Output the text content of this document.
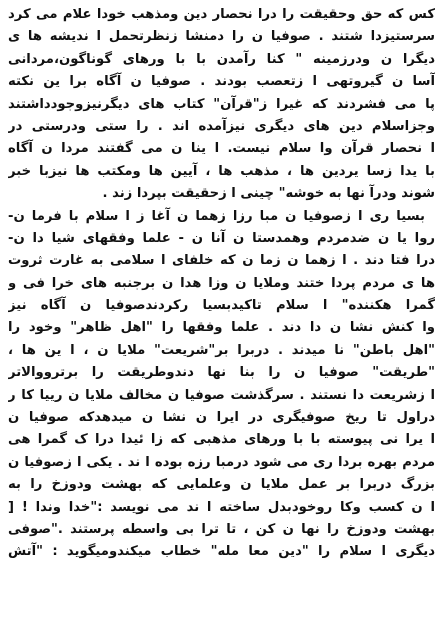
کس که حق وحقیقت را درا نحصار دین ومذهب خودا علام می کرد
سرستیزدا شتند . صوفیا ن را دمنشا زنظرتحمل ا ندیشه ها ی
دیگرا ن ودرزمینه " کنا رآمدن با با ورهای گوناگون،مردانی
آسا ن گیروتهی ا زتعصب بودند . صوفیا ن آگاه برا ین نکته
پا می فشردند که غیرا ز"قرآن" کتاب های دیگرنیزوجودداشتند
وجزاسلام دین های دیگری نیزآمده اند . را ستی ودرستی در
ا نحصار قرآن وا سلام نیست. ا ینا ن می گفتند مردا ن آگاه
با یدا زسا یردین ها ، مذهب ها ، آیین ها ومکتب ها نیزبا خبر
شوند ودرآ نها به خوشه" چینی ا زحقیقت بپردا زند .
بسیا ری ا زصوفیا ن مبا رزا زهما ن آغا ز ا سلام با فرما ن-
روا یا ن ضدمردم وهمدستا ن آنا ن - علما وفقهای شیا دا ن-
درا فتا دند . ا زهما ن زما ن که خلفای ا سلامی به غارت ثروت
ها ی مردم پردا ختند وملایا ن وزا هدا ن برجنبه های خرا فی و
گمرا هکننده" ا سلام تاکیدبسیا رکردندصوفیا ن آگاه نیز
وا کنش نشا ن دا دند . علما وفقها را "اهل ظاهر" وخود را
"اهل باطن" نا میدند . دربرا بر"شریعت" ملایا ن ، ا ین ها ،
"طریقت" صوفیا ن را بنا نها دندوطریقت را برترووالاتر
ا زشریعت دا نستند . سرگذشت صوفیا ن مخالف ملایا ن رییا کا ر
دراول تا ریخ صوفیگری در ایرا ن نشا ن میدهدکه صوفیا ن
ا یرا نی پیوسته با با ورهای مذهبی که زا ئیدا درا ک گمرا هی
مردم بهره بردا ری می شود درمبا رزه بوده ا ند . یکی ا زصوفیا ن
بزرگ دربرا بر عمل ملایا ن وعلمایی که بهشت ودوزخ را به
ا ن کسب وکا روخودبدل ساخته ا ند می نویسد :"خدا وندا ! [
بهشت ودوزخ را نها ن کن ، تا ترا بی واسطه پرستند ."صوفی
دیگری ا سلام را "دین معا مله" خطاب میکندومیگوید : "آتش
